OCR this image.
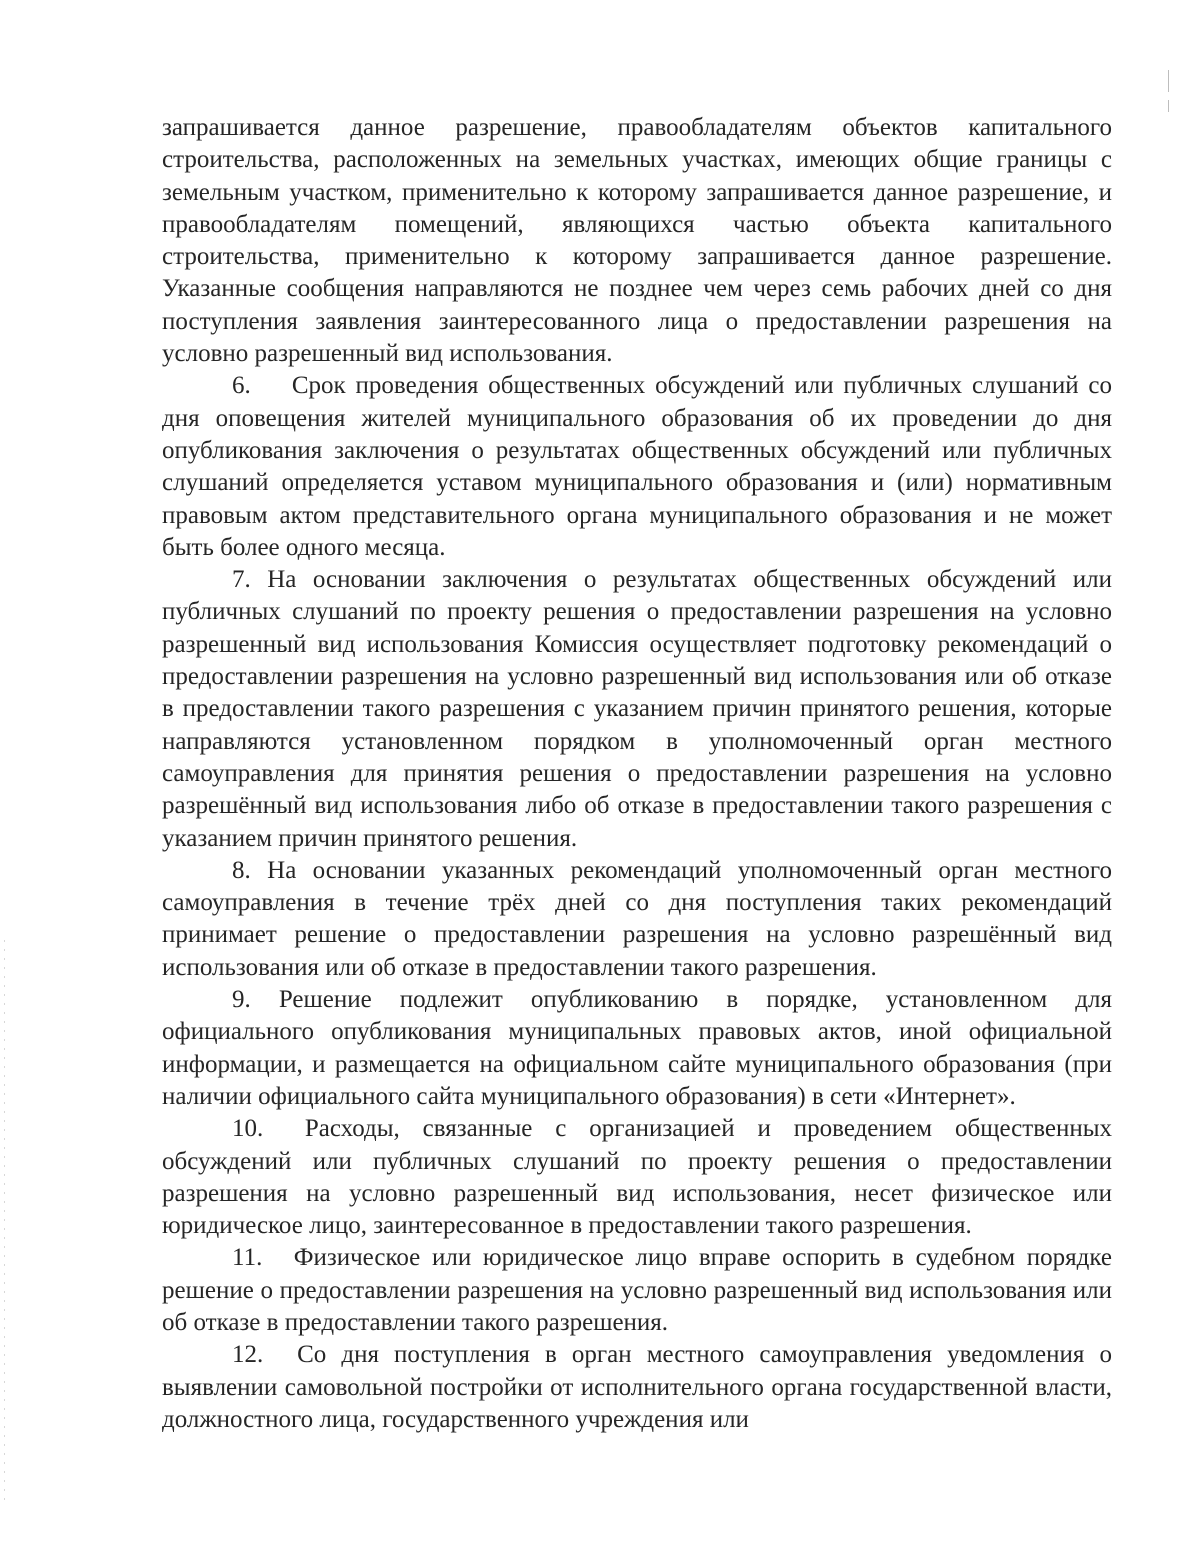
запрашивается данное разрешение, правообладателям объектов капитального строительства, расположенных на земельных участках, имеющих общие границы с земельным участком, применительно к которому запрашивается данное разрешение, и правообладателям помещений, являющихся частью объекта капитального строительства, применительно к которому запрашивается данное разрешение. Указанные сообщения направляются не позднее чем через семь рабочих дней со дня поступления заявления заинтересованного лица о предоставлении разрешения на условно разрешенный вид использования.

6. Срок проведения общественных обсуждений или публичных слушаний со дня оповещения жителей муниципального образования об их проведении до дня опубликования заключения о результатах общественных обсуждений или публичных слушаний определяется уставом муниципального образования и (или) нормативным правовым актом представительного органа муниципального образования и не может быть более одного месяца.

7. На основании заключения о результатах общественных обсуждений или публичных слушаний по проекту решения о предоставлении разрешения на условно разрешенный вид использования Комиссия осуществляет подготовку рекомендаций о предоставлении разрешения на условно разрешенный вид использования или об отказе в предоставлении такого разрешения с указанием причин принятого решения, которые направляются установленном порядком в уполномоченный орган местного самоуправления для принятия решения о предоставлении разрешения на условно разрешённый вид использования либо об отказе в предоставлении такого разрешения с указанием причин принятого решения.

8. На основании указанных рекомендаций уполномоченный орган местного самоуправления в течение трёх дней со дня поступления таких рекомендаций принимает решение о предоставлении разрешения на условно разрешённый вид использования или об отказе в предоставлении такого разрешения.

9. Решение подлежит опубликованию в порядке, установленном для официального опубликования муниципальных правовых актов, иной официальной информации, и размещается на официальном сайте муниципального образования (при наличии официального сайта муниципального образования) в сети «Интернет».

10. Расходы, связанные с организацией и проведением общественных обсуждений или публичных слушаний по проекту решения о предоставлении разрешения на условно разрешенный вид использования, несет физическое или юридическое лицо, заинтересованное в предоставлении такого разрешения.

11. Физическое или юридическое лицо вправе оспорить в судебном порядке решение о предоставлении разрешения на условно разрешенный вид использования или об отказе в предоставлении такого разрешения.

12. Со дня поступления в орган местного самоуправления уведомления о выявлении самовольной постройки от исполнительного органа государственной власти, должностного лица, государственного учреждения или
